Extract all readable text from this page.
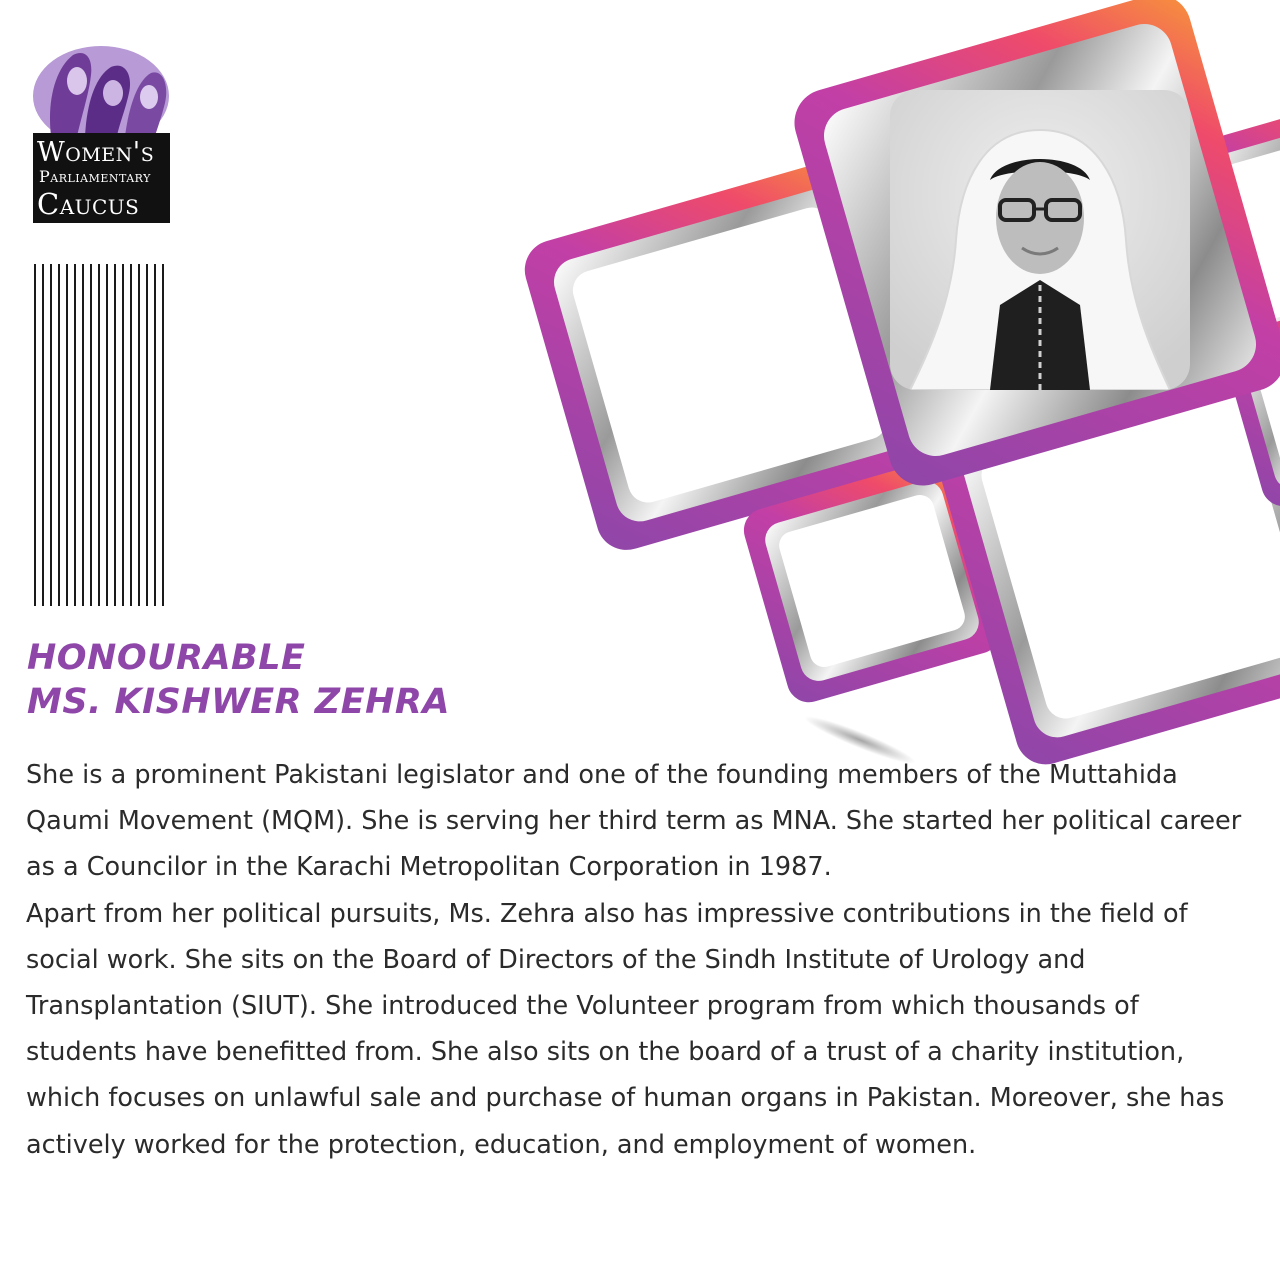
Women's
Parliamentary
Caucus
HONOURABLE
MS. KISHWER ZEHRA

She is a prominent Pakistani legislator and one of the founding members of the Muttahida Qaumi Movement (MQM). She is serving her third term as MNA. She started her political career as a Councilor in the Karachi Metropolitan Corporation in 1987.

Apart from her political pursuits, Ms. Zehra also has impressive contributions in the field of social work. She sits on the Board of Directors of the Sindh Institute of Urology and Transplantation (SIUT). She introduced the Volunteer program from which thousands of students have benefitted from. She also sits on the board of a trust of a charity institution, which focuses on unlawful sale and purchase of human organs in Pakistan. Moreover, she has actively worked for the protection, education, and employment of women.
